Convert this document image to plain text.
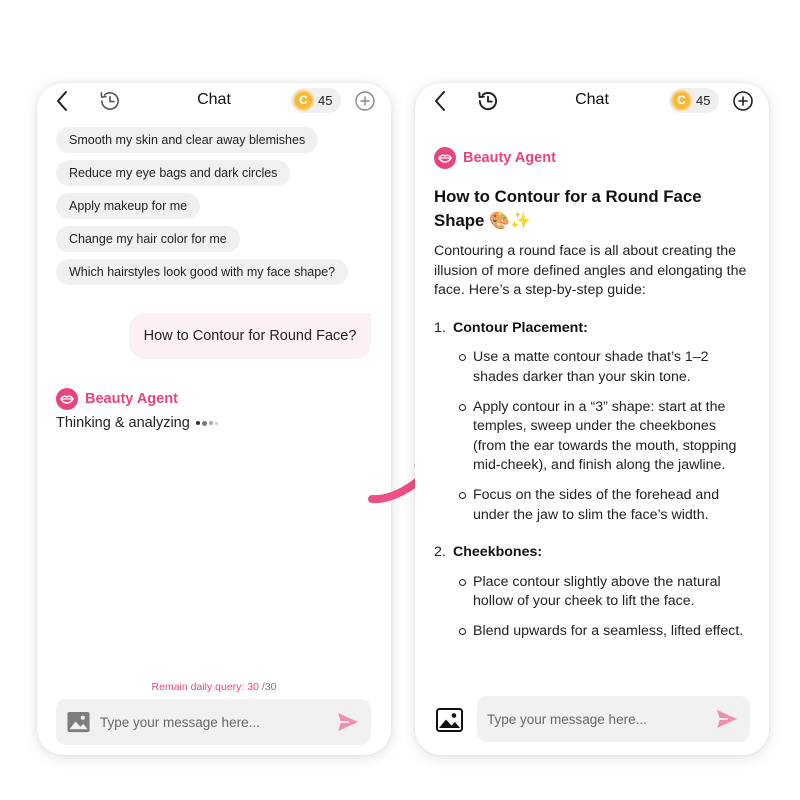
Chat	C 45
Smooth my skin and clear away blemishes
Reduce my eye bags and dark circles
Apply makeup for me
Change my hair color for me
Which hairstyles look good with my face shape?
How to Contour for Round Face?
Beauty Agent
Thinking & analyzing
Remain daily query: 30 /30
Type your message here...
Chat	C 45
Beauty Agent
How to Contour for a Round Face Shape 🎨✨

Contouring a round face is all about creating the illusion of more defined angles and elongating the face. Here’s a step-by-step guide:

1. Contour Placement:
Use a matte contour shade that’s 1–2 shades darker than your skin tone.
Apply contour in a “3” shape: start at the temples, sweep under the cheekbones (from the ear towards the mouth, stopping mid-cheek), and finish along the jawline.
Focus on the sides of the forehead and under the jaw to slim the face’s width.
2. Cheekbones:
Place contour slightly above the natural hollow of your cheek to lift the face.
Blend upwards for a seamless, lifted effect.
Type your message here...
